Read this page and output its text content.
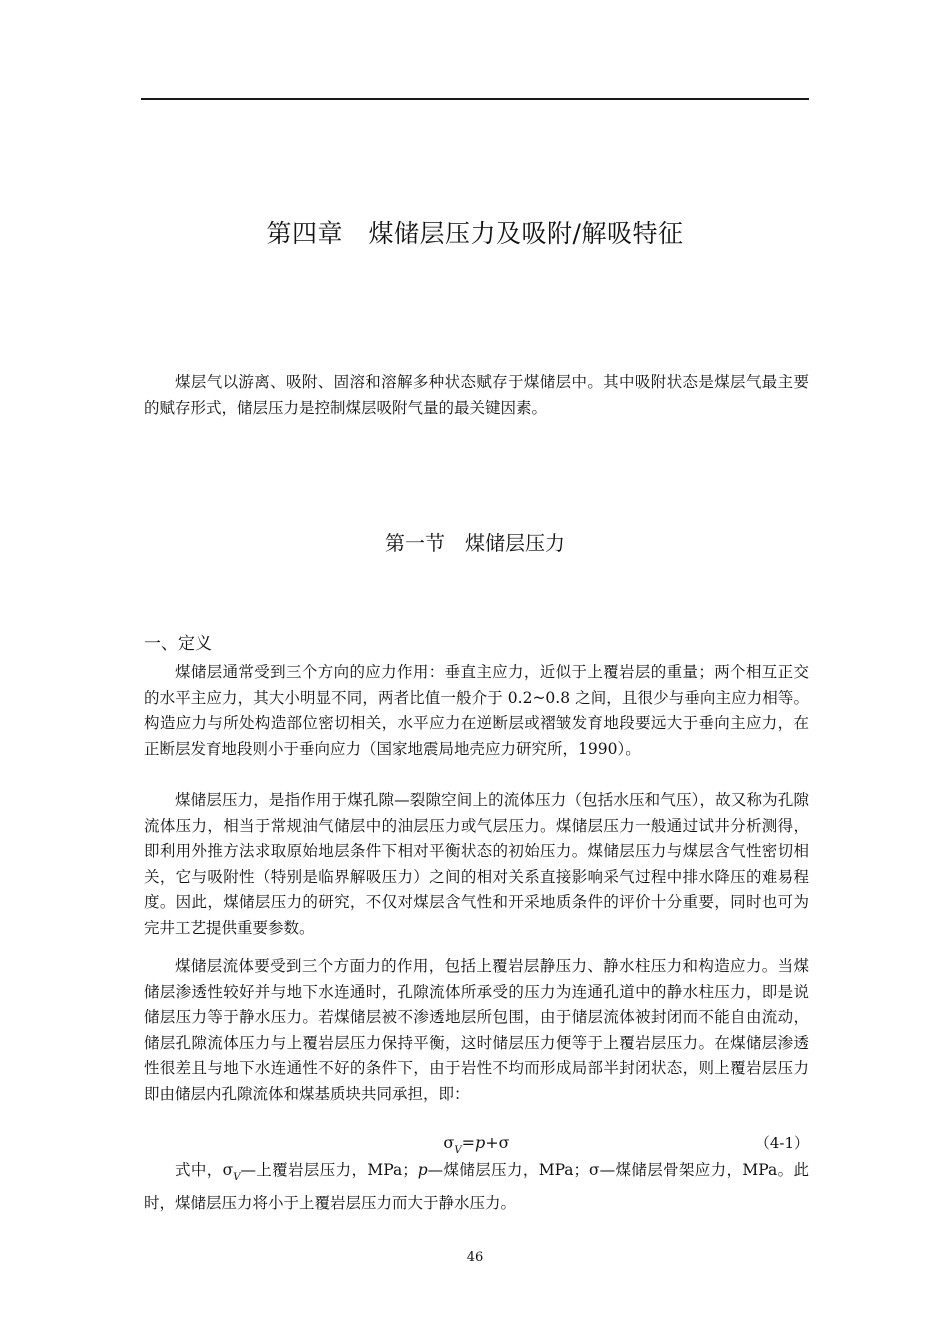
第四章　煤储层压力及吸附/解吸特征

煤层气以游离、吸附、固溶和溶解多种状态赋存于煤储层中。其中吸附状态是煤层气最主要的赋存形式，储层压力是控制煤层吸附气量的最关键因素。

第一节　煤储层压力
一、定义

煤储层通常受到三个方向的应力作用：垂直主应力，近似于上覆岩层的重量；两个相互正交的水平主应力，其大小明显不同，两者比值一般介于 0.2~0.8 之间，且很少与垂向主应力相等。构造应力与所处构造部位密切相关，水平应力在逆断层或褶皱发育地段要远大于垂向主应力，在正断层发育地段则小于垂向应力（国家地震局地壳应力研究所，1990）。

煤储层压力，是指作用于煤孔隙—裂隙空间上的流体压力（包括水压和气压），故又称为孔隙流体压力，相当于常规油气储层中的油层压力或气层压力。煤储层压力一般通过试井分析测得，即利用外推方法求取原始地层条件下相对平衡状态的初始压力。煤储层压力与煤层含气性密切相关，它与吸附性（特别是临界解吸压力）之间的相对关系直接影响采气过程中排水降压的难易程度。因此，煤储层压力的研究，不仅对煤层含气性和开采地质条件的评价十分重要，同时也可为完井工艺提供重要参数。

煤储层流体要受到三个方面力的作用，包括上覆岩层静压力、静水柱压力和构造应力。当煤储层渗透性较好并与地下水连通时，孔隙流体所承受的压力为连通孔道中的静水柱压力，即是说储层压力等于静水压力。若煤储层被不渗透地层所包围，由于储层流体被封闭而不能自由流动，储层孔隙流体压力与上覆岩层压力保持平衡，这时储层压力便等于上覆岩层压力。在煤储层渗透性很差且与地下水连通性不好的条件下，由于岩性不均而形成局部半封闭状态，则上覆岩层压力即由储层内孔隙流体和煤基质块共同承担，即：

$\sigma_V=p+\sigma$	（4-1）

式中，$\sigma_V—$上覆岩层压力，MPa；p—煤储层压力，MPa；σ—煤储层骨架应力，MPa。此时，煤储层压力将小于上覆岩层压力而大于静水压力。

46
